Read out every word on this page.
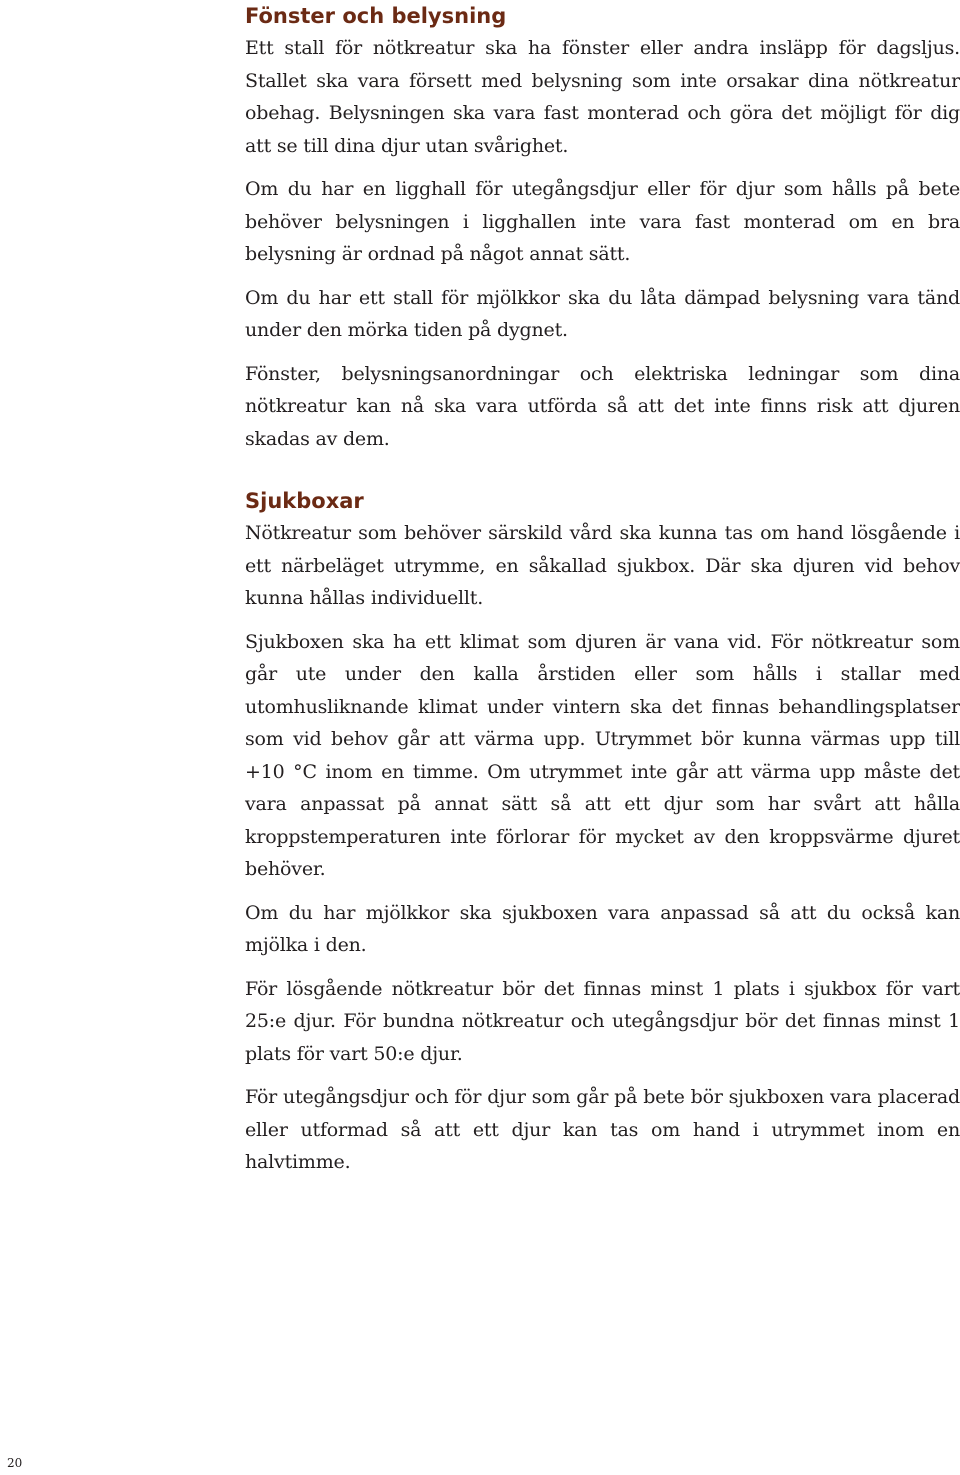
Fönster och belysning

Ett stall för nötkreatur ska ha fönster eller andra insläpp för dagsljus. Stallet ska vara försett med belysning som inte orsakar dina nötkreatur obehag. Belysningen ska vara fast monterad och göra det möjligt för dig att se till dina djur utan svårighet.

Om du har en ligghall för utegångsdjur eller för djur som hålls på bete behöver belysningen i ligghallen inte vara fast monterad om en bra belysning är ordnad på något annat sätt.

Om du har ett stall för mjölkkor ska du låta dämpad belysning vara tänd under den mörka tiden på dygnet.

Fönster, belysningsanordningar och elektriska ledningar som dina nötkreatur kan nå ska vara utförda så att det inte finns risk att djuren skadas av dem.

Sjukboxar

Nötkreatur som behöver särskild vård ska kunna tas om hand lösgående i ett närbeläget utrymme, en såkallad sjukbox. Där ska djuren vid behov kunna hållas individuellt.

Sjukboxen ska ha ett klimat som djuren är vana vid. För nötkreatur som går ute under den kalla årstiden eller som hålls i stallar med utomhusliknande klimat under vintern ska det finnas behandlingsplatser som vid behov går att värma upp. Utrymmet bör kunna värmas upp till +10 °C inom en timme. Om utrymmet inte går att värma upp måste det vara anpassat på annat sätt så att ett djur som har svårt att hålla kroppstemperaturen inte förlorar för mycket av den kroppsvärme djuret behöver.

Om du har mjölkkor ska sjukboxen vara anpassad så att du också kan mjölka i den.

För lösgående nötkreatur bör det finnas minst 1 plats i sjukbox för vart 25:e djur. För bundna nötkreatur och utegångsdjur bör det finnas minst 1 plats för vart 50:e djur.

För utegångsdjur och för djur som går på bete bör sjukboxen vara placerad eller utformad så att ett djur kan tas om hand i utrymmet inom en halvtimme.

20
